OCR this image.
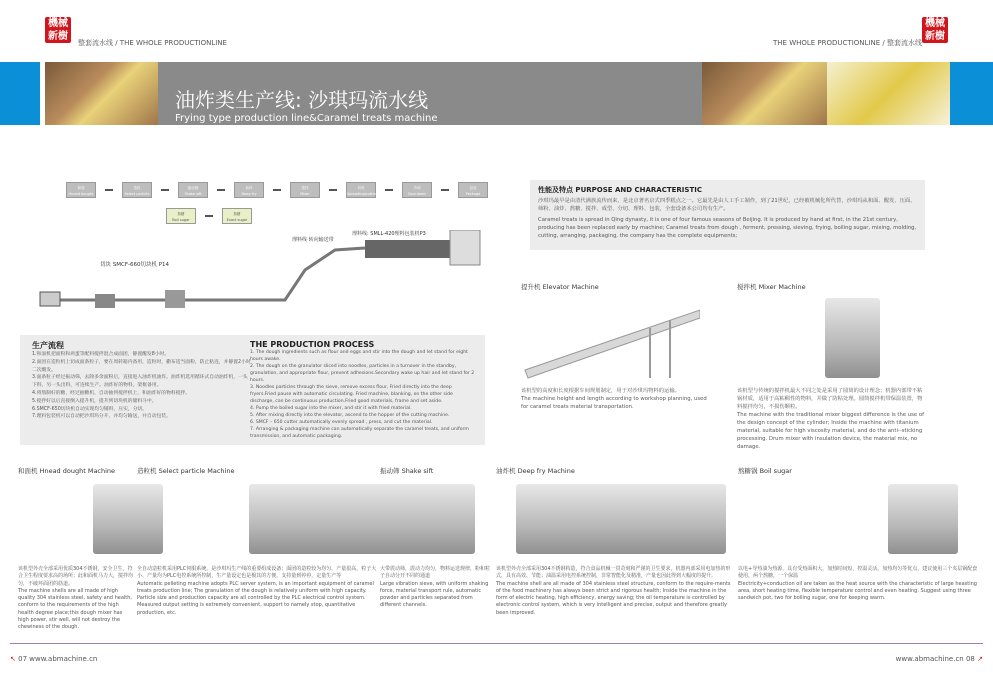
機械
新樹
整套流水线 / THE WHOLE PRODUCTIONLINE
機械
新樹
THE WHOLE PRODUCTIONLINE / 整套流水线
油炸类生产线: 沙琪玛流水线
Frying type production line&Caramel treats machine
和面
Hnead dought
造粒
Select particle
振动筛
Shake sift
油炸
Deep fry
搅拌
Mixer
切块
Spreading/cutting
冷却
Cool down
包装
Package
熬糖
Boil sugar
熬糖
Exact sugar
切块 SMCF-660切块机 P14
理料线 转向输送带
理料线: SMLL-420理料包装机P3
性能及特点 PURPOSE AND CHARACTERISTIC
沙琪玛最早是由清代满族流传而来，是北京著名京式四季糕点之一。它最先是由人工手工制作，到了21世纪，已经被机械化所代替，沙琪玛从和面、醒发、压面、筛粉、油炸、熬糖、搅拌、成型、分切、理料、包装，全套设备本公司均有生产。
Caramel treats is spread in Qing dynasty, it is one of four famous seasons of Beijing. It is produced by hand at first, in the 21st century, producing has been replaced early by machine; Caramel treats from dough , ferment, pressing, sieving, frying, boiling sugar, mixing, molding, cutting, arranging, packaging, the company has the complete equipments;
提升机 Elevator Machine
该机型的高度和长度根据车间规划制定，用于对沙琪玛物料的运输。
The machine height and length according to workshop planning, used for caramel treats material transportation.
搅拌机 Mixer Machine
该机型与传统的搅拌机最大不同之处是采用了圆筒的设计理念；机器内部带不粘锅材质，适用于高粘稠性的物料，并做了防粘处理。圆筒搅拌机带保温装置，物料搅拌均匀，不损伤颗粒。
The machine with the traditional mixer biggest difference is the use of the design concept of the cylinder; Inside the machine with titanium material, suitable for high viscosity material, and do the anti--sticking processing. Drum mixer with insulation device, the material mix, no damage.
生产流程
1.和面机把面粉和鸡蛋等配料搅拌混合成面团，静置醒发8小时。
2.面团在造粒机上切成面条粒子，要在周转箱内备用，造粒时，撒布适当面粉，防止粘连，并静置2小时二次醒发。
3.面条粒子经过振动筛，去除多余面粉后，直接进入油炸机油炸。油炸机选用循环式自动油炸机，一头下料，另一头出料，可连续生产。油炸好的物料，架框备用。
4.将熬制好的糖，经过抽糖机，自动抽到搅拌机上，和油炸好的物料搅拌。
5.搅拌好以后直接倒入提升机，提升到切块机的储料斗中。
6.SMCF-650切块机自动实现均匀铺料，压实，分切。
7.理料包装机可以自动把沙琪玛分开，并均匀输送，并自动包装。
THE PRODUCTION PROCESS
1. The dough ingredients such as flour and eggs and stir into the dough and let stand for eight hours awake.
2. The dough on the granulator sliced into noodles, particles in a turnover in the standby, granulation, and appropriate flour, prevent adhesions.Secondary wake up hair and let stand for 2 hours.
3. Noodles particles through the sieve, remove excess flour, Fried directly into the deep fryers.Fried pause with automatic circulating. Fried machine, blanking, on the other side discharge, can be continuous production.Fried good materials, frame and set aside.
4. Pump the boiled sugar into the mixer, and stir it with fried material.
5. After mixing directly into the elevator, ascend to the hopper of the cutting machine.
6. SMCF – 650 cutter automatically evenly spread , press, and cut the material.
7. Arranging & packaging machine can automatically separate the caramel treats, and uniform transmission, and automatic packaging.
和面机 Hnead dought Machine
该机型外壳全部采用优质304不锈钢，安全卫生，符合卫生程度要求高的场所；此和面机马力大，搅拌均匀，不破坏面团的筋道。
The machine shells are all made of high quality 304 stainless steel, safety and health, conform to the requirements of the high health degree place;this dough mixer has high power, stir well, will not destroy the chewiness of the dough.
造粒机 Select particle Machine
全自动造粒机采用PLC伺服系统，是沙琪玛生产线的重要组成设备；面团的造粒较为均匀，产量很高，粒子大小、产量均为PLC电控系统所控制，生产量设定也是极其的方便，支持量到停停，定量生产等
Automatic pelleting machine adopts PLC server system, is an important equipment of caramel treats production line; The granulation of the dough is relatively uniform with high capacity. Particle size and production capacity are all controlled by the PLC electrical control system. Measured output setting is extremely convenient, support to namely stop, quantitative production, etc.
振动筛 Shake sift
大带震动筛，震动力均匀，物料运送规律，粉和粒子自动分开不同的通道
Large vibration sieve, with uniform shaking force, material transport rule, automatic powder and particles separated from different channels.
油炸机 Deep fry Machine
该机型外壳全部采用304不锈钢构造，符合食品机械一贯苛刻和严谨的卫生要求，机器内部采用电加热的形式，具有高效、节能；油温采用电控系统控制，非常智能化及精准，产量也因此得到大幅度的提升。
The machine shell are all made of 304 stainless steel structure, conform to the require-ments of the food machinery has always been strict and rigorous health; Inside the machine in the form of electric heating, high efficiency, energy saving; the oil temperature is controlled by electronic control system, which is very intelligent and precise, output and therefore greatly been improved.
熬糖锅 Boil sugar
以电+导热油为热源，具有受热面积大，加热时间短，控温灵活，加热均匀等优点，建议使用三个夹层锅配套使用，两个熬糖，一个保温
Electricity+conduction oil are taken as the heat source with the characteristic of large heasting area, short heating time, flexible temperature control and even heating. Suggest using three sandwich pot, two for boiling sugar, one for keeping warm.
↖ 07 www.abmachine.cn	www.abmachine.cn 08 ↗
